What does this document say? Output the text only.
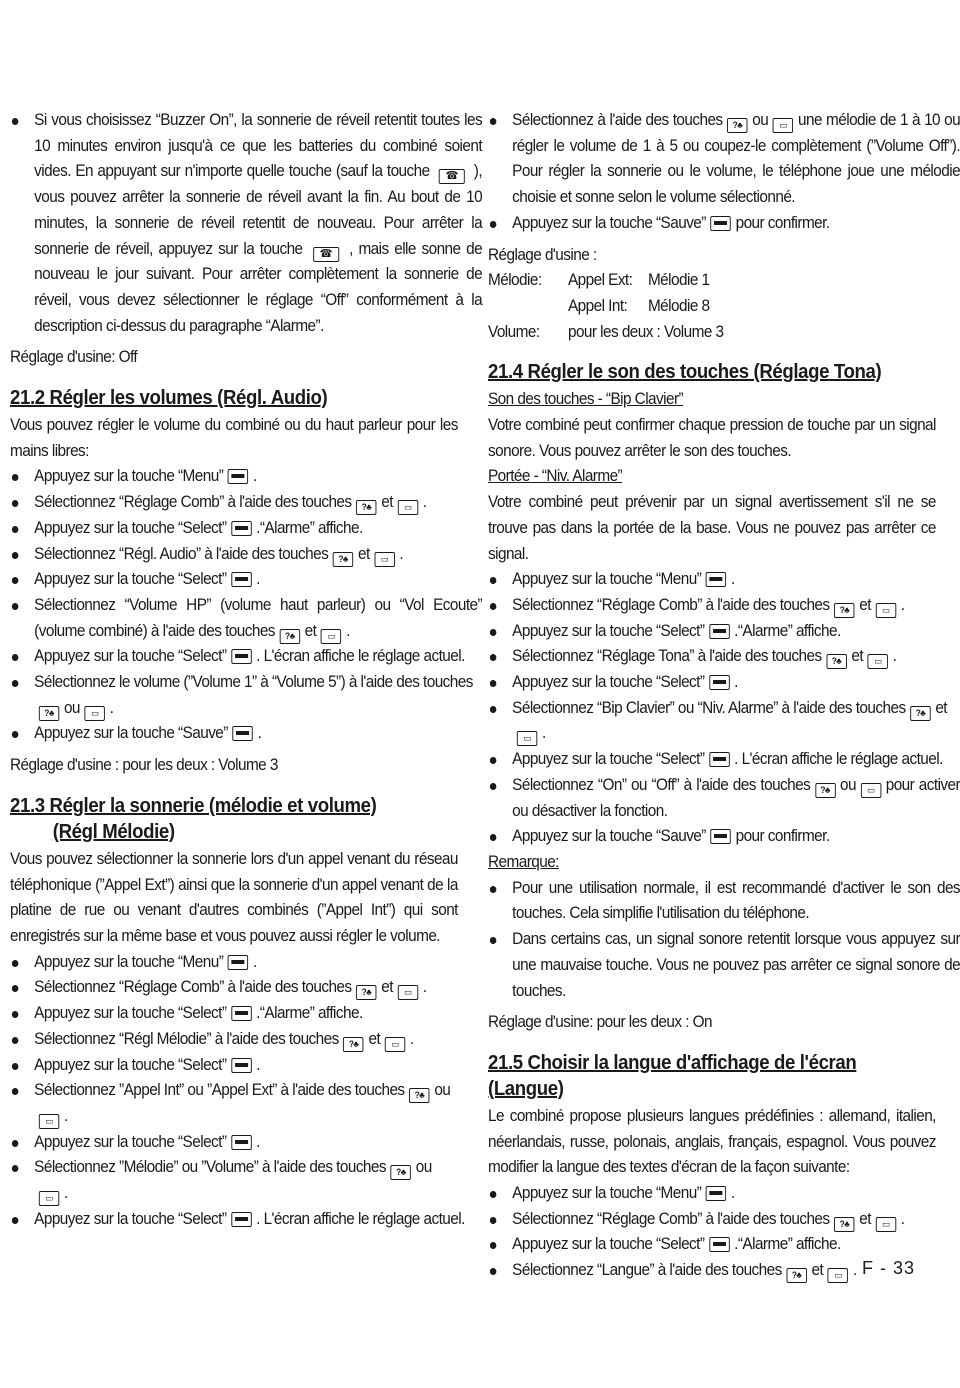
Si vous choisissez “Buzzer On”, la sonnerie de réveil retentit toutes les 10 minutes environ jusqu'à ce que les batteries du combiné soient vides. En appuyant sur n'importe quelle touche (sauf la touche ☎ ), vous pouvez arrêter la sonnerie de réveil avant la fin. Au bout de 10 minutes, la sonnerie de réveil retentit de nouveau. Pour arrêter la sonnerie de réveil, appuyez sur la touche ☎ , mais elle sonne de nouveau le jour suivant. Pour arrêter complètement la sonnerie de réveil, vous devez sélectionner le réglage “Off” conformément à la description ci-dessus du paragraphe “Alarme”.

Réglage d'usine: Off

21.2 Régler les volumes (Régl. Audio)

Vous pouvez régler le volume du combiné ou du haut parleur pour les mains libres:

Appuyez sur la touche “Menu” .

Sélectionnez “Réglage Comb” à l'aide des touches ?♣ et ▭ .

Appuyez sur la touche “Select” .“Alarme” affiche.

Sélectionnez “Régl. Audio” à l'aide des touches ?♣ et ▭ .

Appuyez sur la touche “Select” .

Sélectionnez “Volume HP” (volume haut parleur) ou “Vol Ecoute” (volume combiné) à l'aide des touches ?♣ et ▭ .

Appuyez sur la touche “Select” . L'écran affiche le réglage actuel.

Sélectionnez le volume (”Volume 1” à “Volume 5”) à l'aide des touches
?♣ ou ▭ .

Appuyez sur la touche “Sauve” .

Réglage d'usine : pour les deux : Volume 3

21.3 Régler la sonnerie (mélodie et volume)
(Régl Mélodie)

Vous pouvez sélectionner la sonnerie lors d'un appel venant du réseau téléphonique (”Appel Ext”) ainsi que la sonnerie d'un appel venant de la platine de rue ou venant d'autres combinés (”Appel Int”) qui sont enregistrés sur la même base et vous pouvez aussi régler le volume.

Appuyez sur la touche “Menu” .

Sélectionnez “Réglage Comb” à l'aide des touches ?♣ et ▭ .

Appuyez sur la touche “Select” .“Alarme” affiche.

Sélectionnez “Régl Mélodie” à l'aide des touches ?♣ et ▭ .

Appuyez sur la touche “Select” .

Sélectionnez ”Appel Int” ou ”Appel Ext” à l'aide des touches ?♣ ou
▭ .

Appuyez sur la touche “Select” .

Sélectionnez ”Mélodie” ou ”Volume” à l'aide des touches ?♣ ou
▭ .

Appuyez sur la touche “Select” . L'écran affiche le réglage actuel.

Sélectionnez à l'aide des touches ?♣ ou ▭ une mélodie de 1 à 10 ou régler le volume de 1 à 5 ou coupez-le complètement (”Volume Off”). Pour régler la sonnerie ou le volume, le téléphone joue une mélodie choisie et sonne selon le volume sélectionné.

Appuyez sur la touche “Sauve” pour confirmer.

Réglage d'usine :

Mélodie:	Appel Ext:	Mélodie 1
	Appel Int:	Mélodie 8
Volume:	pour les deux : Volume 3	
21.4 Régler le son des touches (Réglage Tona)

Son des touches - “Bip Clavier”

Votre combiné peut confirmer chaque pression de touche par un signal sonore. Vous pouvez arrêter le son des touches.

Portée - “Niv. Alarme”

Votre combiné peut prévenir par un signal avertissement s'il ne se trouve pas dans la portée de la base. Vous ne pouvez pas arrêter ce signal.

Appuyez sur la touche “Menu” .

Sélectionnez “Réglage Comb” à l'aide des touches ?♣ et ▭ .

Appuyez sur la touche “Select” .“Alarme” affiche.

Sélectionnez “Réglage Tona” à l'aide des touches ?♣ et ▭ .

Appuyez sur la touche “Select” .

Sélectionnez “Bip Clavier” ou “Niv. Alarme” à l'aide des touches ?♣ et
▭ .

Appuyez sur la touche “Select” . L'écran affiche le réglage actuel.

Sélectionnez “On” ou “Off” à l'aide des touches ?♣ ou ▭ pour activer ou désactiver la fonction.

Appuyez sur la touche “Sauve” pour confirmer.

Remarque:

Pour une utilisation normale, il est recommandé d'activer le son des touches. Cela simplifie l'utilisation du téléphone.

Dans certains cas, un signal sonore retentit lorsque vous appuyez sur une mauvaise touche. Vous ne pouvez pas arrêter ce signal sonore de touches.

Réglage d'usine: pour les deux : On

21.5 Choisir la langue d'affichage de l'écran (Langue)

Le combiné propose plusieurs langues prédéfinies : allemand, italien, néerlandais, russe, polonais, anglais, français, espagnol. Vous pouvez modifier la langue des textes d'écran de la façon suivante:

Appuyez sur la touche “Menu” .

Sélectionnez “Réglage Comb” à l'aide des touches ?♣ et ▭ .

Appuyez sur la touche “Select” .“Alarme” affiche.

Sélectionnez “Langue” à l'aide des touches ?♣ et ▭ . F - 33
